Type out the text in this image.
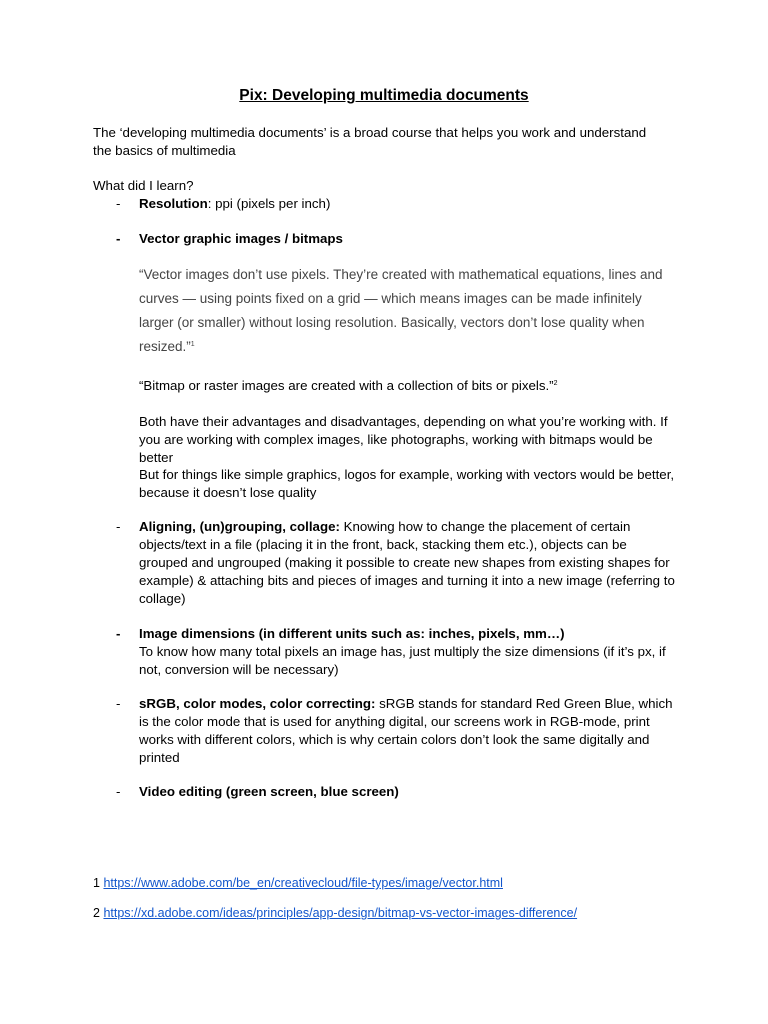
Pix: Developing multimedia documents
The ‘developing multimedia documents’ is a broad course that helps you work and understand the basics of multimedia
What did I learn?
- Resolution: ppi (pixels per inch)
- Vector graphic images / bitmaps
“Vector images don’t use pixels. They’re created with mathematical equations, lines and curves — using points fixed on a grid — which means images can be made infinitely larger (or smaller) without losing resolution. Basically, vectors don’t lose quality when resized.”$^1$
“Bitmap or raster images are created with a collection of bits or pixels.”$^2$
Both have their advantages and disadvantages, depending on what you’re working with. If you are working with complex images, like photographs, working with bitmaps would be better
But for things like simple graphics, logos for example, working with vectors would be better, because it doesn’t lose quality
- Aligning, (un)grouping, collage: Knowing how to change the placement of certain objects/text in a file (placing it in the front, back, stacking them etc.), objects can be grouped and ungrouped (making it possible to create new shapes from existing shapes for example) & attaching bits and pieces of images and turning it into a new image (referring to collage)
- Image dimensions (in different units such as: inches, pixels, mm…)
To know how many total pixels an image has, just multiply the size dimensions (if it’s px, if not, conversion will be necessary)
- sRGB, color modes, color correcting: sRGB stands for standard Red Green Blue, which is the color mode that is used for anything digital, our screens work in RGB-mode, print works with different colors, which is why certain colors don’t look the same digitally and printed
- Video editing (green screen, blue screen)
1 https://www.adobe.com/be_en/creativecloud/file-types/image/vector.html
2 https://xd.adobe.com/ideas/principles/app-design/bitmap-vs-vector-images-difference/
